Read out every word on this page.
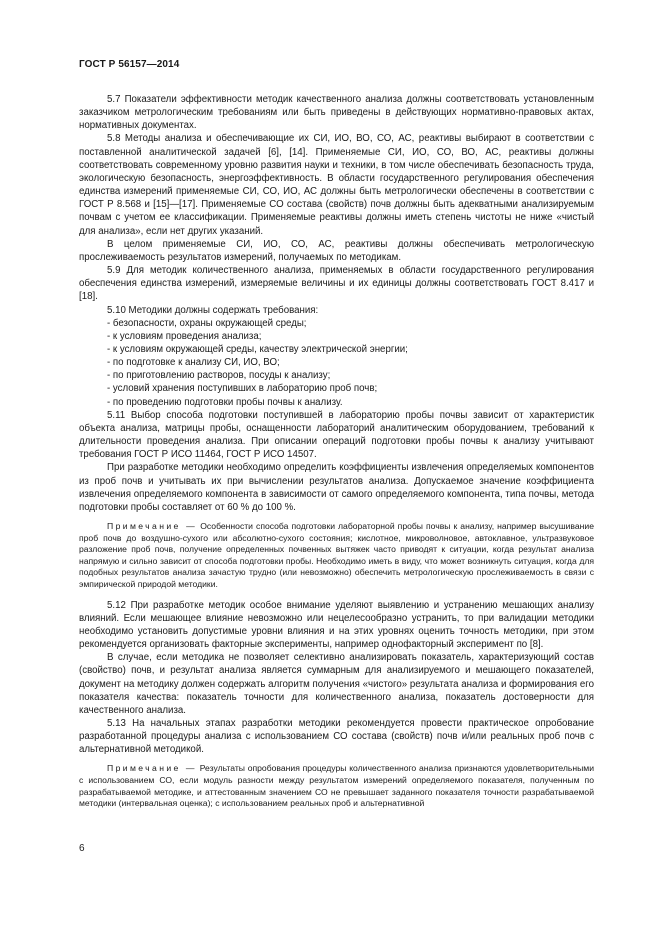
ГОСТ Р 56157—2014

5.7 Показатели эффективности методик качественного анализа должны соответствовать установленным заказчиком метрологическим требованиям или быть приведены в действующих нормативно-правовых актах, нормативных документах.

5.8 Методы анализа и обеспечивающие их СИ, ИО, ВО, СО, АС, реактивы выбирают в соответствии с поставленной аналитической задачей [6], [14]. Применяемые СИ, ИО, СО, ВО, АС, реактивы должны соответствовать современному уровню развития науки и техники, в том числе обеспечивать безопасность труда, экологическую безопасность, энергоэффективность. В области государственного регулирования обеспечения единства измерений применяемые СИ, СО, ИО, АС должны быть метрологически обеспечены в соответствии с ГОСТ Р 8.568 и [15]—[17]. Применяемые СО состава (свойств) почв должны быть адекватными анализируемым почвам с учетом ее классификации. Применяемые реактивы должны иметь степень чистоты не ниже «чистый для анализа», если нет других указаний.

В целом применяемые СИ, ИО, СО, АС, реактивы должны обеспечивать метрологическую прослеживаемость результатов измерений, получаемых по методикам.

5.9 Для методик количественного анализа, применяемых в области государственного регулирования обеспечения единства измерений, измеряемые величины и их единицы должны соответствовать ГОСТ 8.417 и [18].

5.10 Методики должны содержать требования:

- безопасности, охраны окружающей среды;

- к условиям проведения анализа;

- к условиям окружающей среды, качеству электрической энергии;

- по подготовке к анализу СИ, ИО, ВО;

- по приготовлению растворов, посуды к анализу;

- условий хранения поступивших в лабораторию проб почв;

- по проведению подготовки пробы почвы к анализу.

5.11 Выбор способа подготовки поступившей в лабораторию пробы почвы зависит от характеристик объекта анализа, матрицы пробы, оснащенности лабораторий аналитическим оборудованием, требований к длительности проведения анализа. При описании операций подготовки пробы почвы к анализу учитывают требования ГОСТ Р ИСО 11464, ГОСТ Р ИСО 14507.

При разработке методики необходимо определить коэффициенты извлечения определяемых компонентов из проб почв и учитывать их при вычислении результатов анализа. Допускаемое значение коэффициента извлечения определяемого компонента в зависимости от самого определяемого компонента, типа почвы, метода подготовки пробы составляет от 60 % до 100 %.

Примечание — Особенности способа подготовки лабораторной пробы почвы к анализу, например высушивание проб почв до воздушно-сухого или абсолютно-сухого состояния; кислотное, микроволновое, автоклавное, ультразвуковое разложение проб почв, получение определенных почвенных вытяжек часто приводят к ситуации, когда результат анализа напрямую и сильно зависит от способа подготовки пробы. Необходимо иметь в виду, что может возникнуть ситуация, когда для подобных результатов анализа зачастую трудно (или невозможно) обеспечить метрологическую прослеживаемость в связи с эмпирической природой методики.

5.12 При разработке методик особое внимание уделяют выявлению и устранению мешающих анализу влияний. Если мешающее влияние невозможно или нецелесообразно устранить, то при валидации методики необходимо установить допустимые уровни влияния и на этих уровнях оценить точность методики, при этом рекомендуется организовать факторные эксперименты, например однофакторный эксперимент по [8].

В случае, если методика не позволяет селективно анализировать показатель, характеризующий состав (свойство) почв, и результат анализа является суммарным для анализируемого и мешающего показателей, документ на методику должен содержать алгоритм получения «чистого» результата анализа и формирования его показателя качества: показатель точности для количественного анализа, показатель достоверности для качественного анализа.

5.13 На начальных этапах разработки методики рекомендуется провести практическое опробование разработанной процедуры анализа с использованием СО состава (свойств) почв и/или реальных проб почв с альтернативной методикой.

Примечание — Результаты опробования процедуры количественного анализа признаются удовлетворительными с использованием СО, если модуль разности между результатом измерений определяемого показателя, полученным по разрабатываемой методике, и аттестованным значением СО не превышает заданного показателя точности разрабатываемой методики (интервальная оценка); с использованием реальных проб и альтернативной

6
